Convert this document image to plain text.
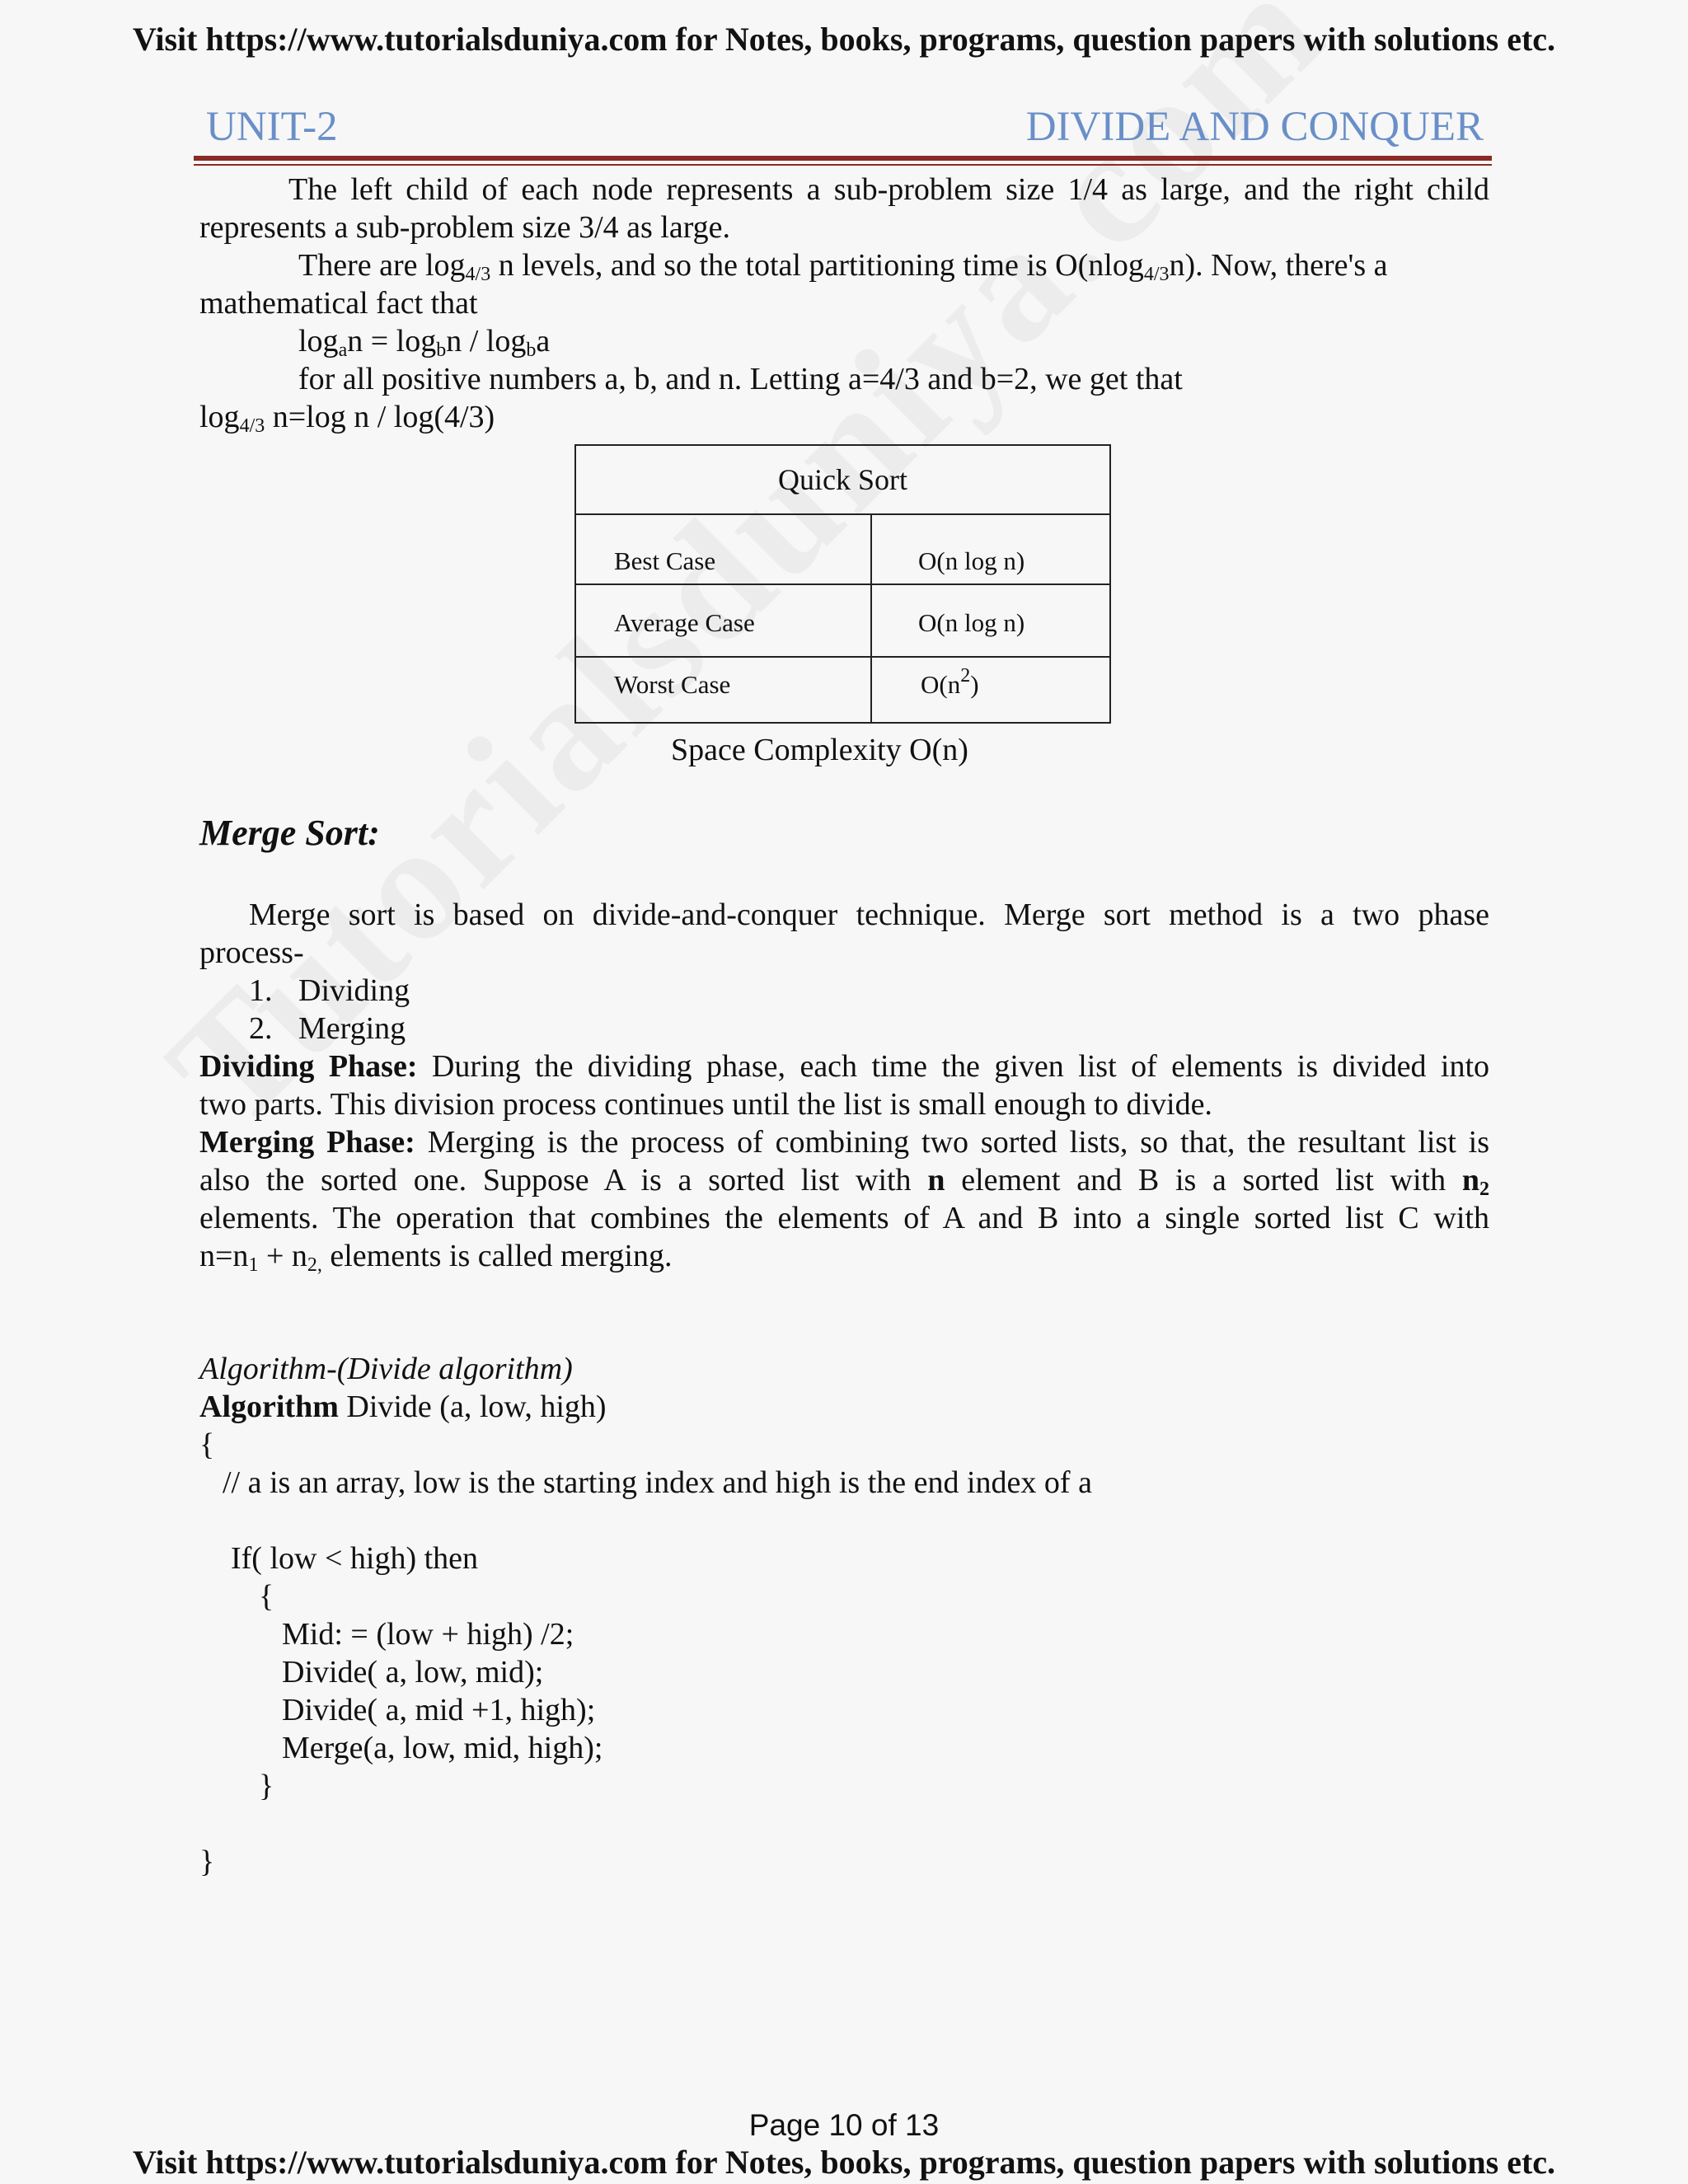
Visit https://www.tutorialsduniya.com for Notes, books, programs, question papers with solutions etc.
UNIT-2	DIVIDE AND CONQUER
The left child of each node represents a sub-problem size 1/4 as large, and the right child
represents a sub-problem size 3/4 as large.
There are $\log_{4/3} n$ levels, and so the total partitioning time is O(nlog$_{4/3}$n). Now, there's a
mathematical fact that
$\log_an = \log_bn / \log_ba$
for all positive numbers a, b, and n. Letting a=4/3 and b=2, we get that
$\log_{4/3} n=\log$ n / log(4/3)
Quick Sort
Best Case	O(n log n)
Average Case	O(n log n)
Worst Case	$O(n^2)$
Space Complexity O(n)
Merge Sort:
Merge sort is based on divide-and-conquer technique. Merge sort method is a two phase
process-
1. Dividing
2. Merging
Dividing Phase: During the dividing phase, each time the given list of elements is divided into
two parts. This division process continues until the list is small enough to divide.
Merging Phase: Merging is the process of combining two sorted lists, so that, the resultant list is
also the sorted one. Suppose A is a sorted list with n element and B is a sorted list with $n_2$
elements. The operation that combines the elements of A and B into a single sorted list C with
$n=n_1 + n_{2,}$ elements is called merging.
Algorithm-(Divide algorithm)
Algorithm Divide (a, low, high)
{
// a is an array, low is the starting index and high is the end index of a
If( low < high) then
{
Mid: = (low + high) /2;
Divide( a, low, mid);
Divide( a, mid +1, high);
Merge(a, low, mid, high);
}
}
Page 10 of 13
Visit https://www.tutorialsduniya.com for Notes, books, programs, question papers with solutions etc.
